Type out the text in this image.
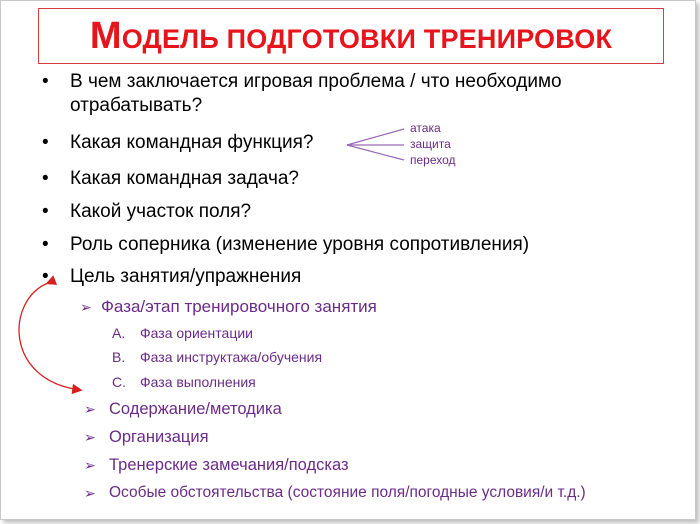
МОДЕЛЬ ПОДГОТОВКИ ТРЕНИРОВОК
• В чем заключается игровая проблема / что необходимо
отрабатывать?
• Какая командная функция?
• Какая командная задача?
• Какой участок поля?
• Роль соперника (изменение уровня сопротивления)
• Цель занятия/упражнения
атака
защита
переход
➢ Фаза/этап тренировочного занятия
A. Фаза ориентации
B. Фаза инструктажа/обучения
C. Фаза выполнения
➢ Содержание/методика
➢ Организация
➢ Тренерские замечания/подсказ
➢ Особые обстоятельства (состояние поля/погодные условия/и т.д.)
